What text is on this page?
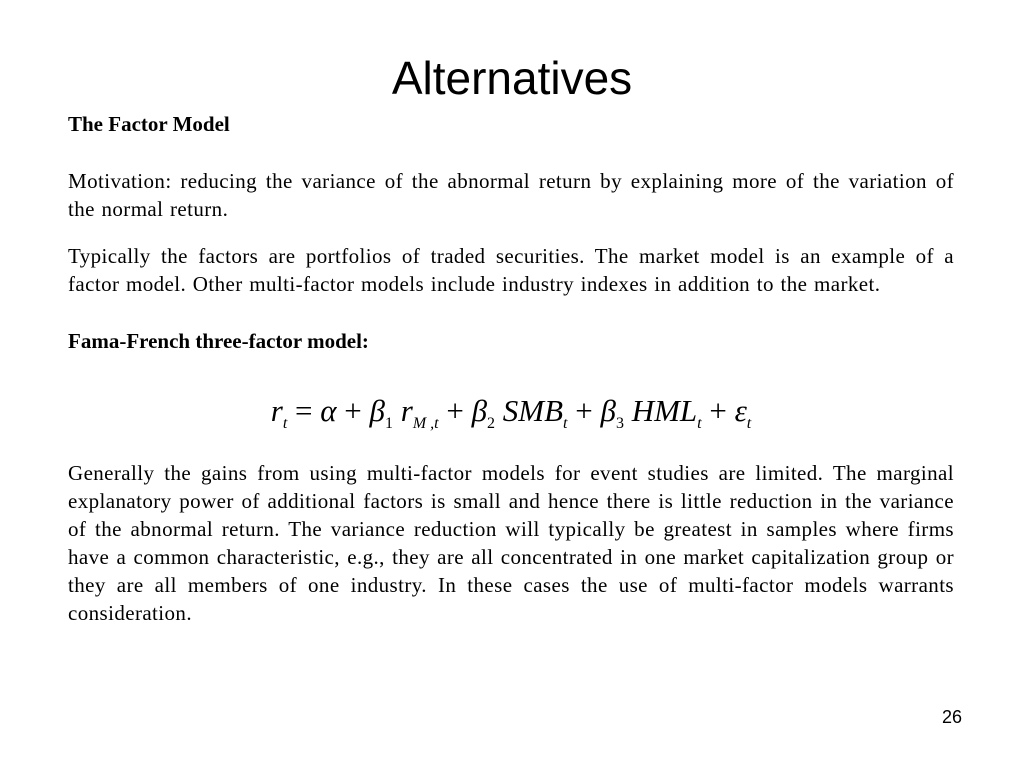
Alternatives

The Factor Model

Motivation: reducing the variance of the abnormal return by explaining more of the variation of the normal return.

Typically the factors are portfolios of traded securities. The market model is an example of a factor model. Other multi-factor models include industry indexes in addition to the market.

Fama-French three-factor model:

$r_t = \alpha + \beta_1$ $r_{M ,t} + \beta_2$ $SMB_t + \beta_3$ $HML_t + \varepsilon_t$

Generally the gains from using multi-factor models for event studies are limited. The marginal explanatory power of additional factors is small and hence there is little reduction in the variance of the abnormal return. The variance reduction will typically be greatest in samples where firms have a common characteristic, e.g., they are all concentrated in one market capitalization group or they are all members of one industry. In these cases the use of multi-factor models warrants consideration.

26
